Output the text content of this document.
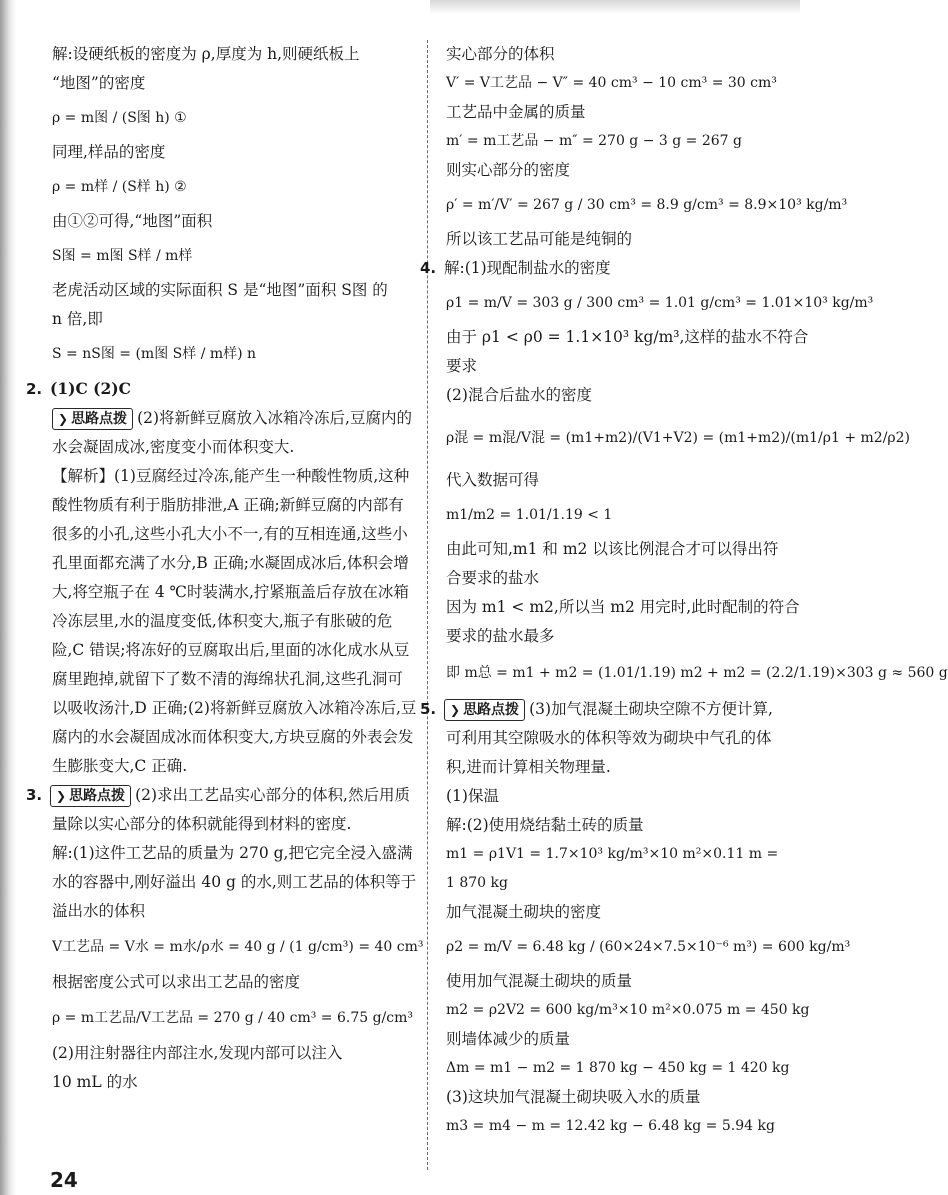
解:设硬纸板的密度为 ρ,厚度为 h,则硬纸板上
“地图”的密度
ρ = m图 / (S图 h) ①
同理,样品的密度
ρ = m样 / (S样 h) ②
由①②可得,“地图”面积
S图 = m图 S样 / m样
老虎活动区域的实际面积 S 是“地图”面积 S图 的
n 倍,即
S = nS图 = (m图 S样 / m样) n
2. (1)C (2)C
❯ 思路点拨 (2)将新鲜豆腐放入冰箱冷冻后,豆腐内的水会凝固成冰,密度变小而体积变大.
【解析】(1)豆腐经过冷冻,能产生一种酸性物质,这种酸性物质有利于脂肪排泄,A 正确;新鲜豆腐的内部有很多的小孔,这些小孔大小不一,有的互相连通,这些小孔里面都充满了水分,B 正确;水凝固成冰后,体积会增大,将空瓶子在 4 ℃时装满水,拧紧瓶盖后存放在冰箱冷冻层里,水的温度变低,体积变大,瓶子有胀破的危险,C 错误;将冻好的豆腐取出后,里面的冰化成水从豆腐里跑掉,就留下了数不清的海绵状孔洞,这些孔洞可以吸收汤汁,D 正确;(2)将新鲜豆腐放入冰箱冷冻后,豆腐内的水会凝固成冰而体积变大,方块豆腐的外表会发生膨胀变大,C 正确.
3. ❯ 思路点拨 (2)求出工艺品实心部分的体积,然后用质量除以实心部分的体积就能得到材料的密度.
解:(1)这件工艺品的质量为 270 g,把它完全浸入盛满水的容器中,刚好溢出 40 g 的水,则工艺品的体积等于溢出水的体积
V工艺品 = V水 = m水/ρ水 = 40 g / (1 g/cm³) = 40 cm³
根据密度公式可以求出工艺品的密度
ρ = m工艺品/V工艺品 = 270 g / 40 cm³ = 6.75 g/cm³
(2)用注射器往内部注水,发现内部可以注入
10 mL 的水
实心部分的体积
V′ = V工艺品 − V″ = 40 cm³ − 10 cm³ = 30 cm³
工艺品中金属的质量
m′ = m工艺品 − m″ = 270 g − 3 g = 267 g
则实心部分的密度
ρ′ = m′/V′ = 267 g / 30 cm³ = 8.9 g/cm³ = 8.9×10³ kg/m³
所以该工艺品可能是纯铜的
4. 解:(1)现配制盐水的密度
ρ1 = m/V = 303 g / 300 cm³ = 1.01 g/cm³ = 1.01×10³ kg/m³
由于 ρ1 < ρ0 = 1.1×10³ kg/m³,这样的盐水不符合
要求
(2)混合后盐水的密度
ρ混 = m混/V混 = (m1+m2)/(V1+V2) = (m1+m2)/(m1/ρ1 + m2/ρ2)
代入数据可得
m1/m2 = 1.01/1.19 < 1
由此可知,m1 和 m2 以该比例混合才可以得出符
合要求的盐水
因为 m1 < m2,所以当 m2 用完时,此时配制的符合
要求的盐水最多
即 m总 = m1 + m2 = (1.01/1.19) m2 + m2 = (2.2/1.19)×303 g ≈ 560 g
5. ❯ 思路点拨 (3)加气混凝土砌块空隙不方便计算,可利用其空隙吸水的体积等效为砌块中气孔的体积,进而计算相关物理量.
(1)保温
解:(2)使用烧结黏土砖的质量
m1 = ρ1V1 = 1.7×10³ kg/m³×10 m²×0.11 m =
1 870 kg
加气混凝土砌块的密度
ρ2 = m/V = 6.48 kg / (60×24×7.5×10⁻⁶ m³) = 600 kg/m³
使用加气混凝土砌块的质量
m2 = ρ2V2 = 600 kg/m³×10 m²×0.075 m = 450 kg
则墙体减少的质量
Δm = m1 − m2 = 1 870 kg − 450 kg = 1 420 kg
(3)这块加气混凝土砌块吸入水的质量
m3 = m4 − m = 12.42 kg − 6.48 kg = 5.94 kg
24
